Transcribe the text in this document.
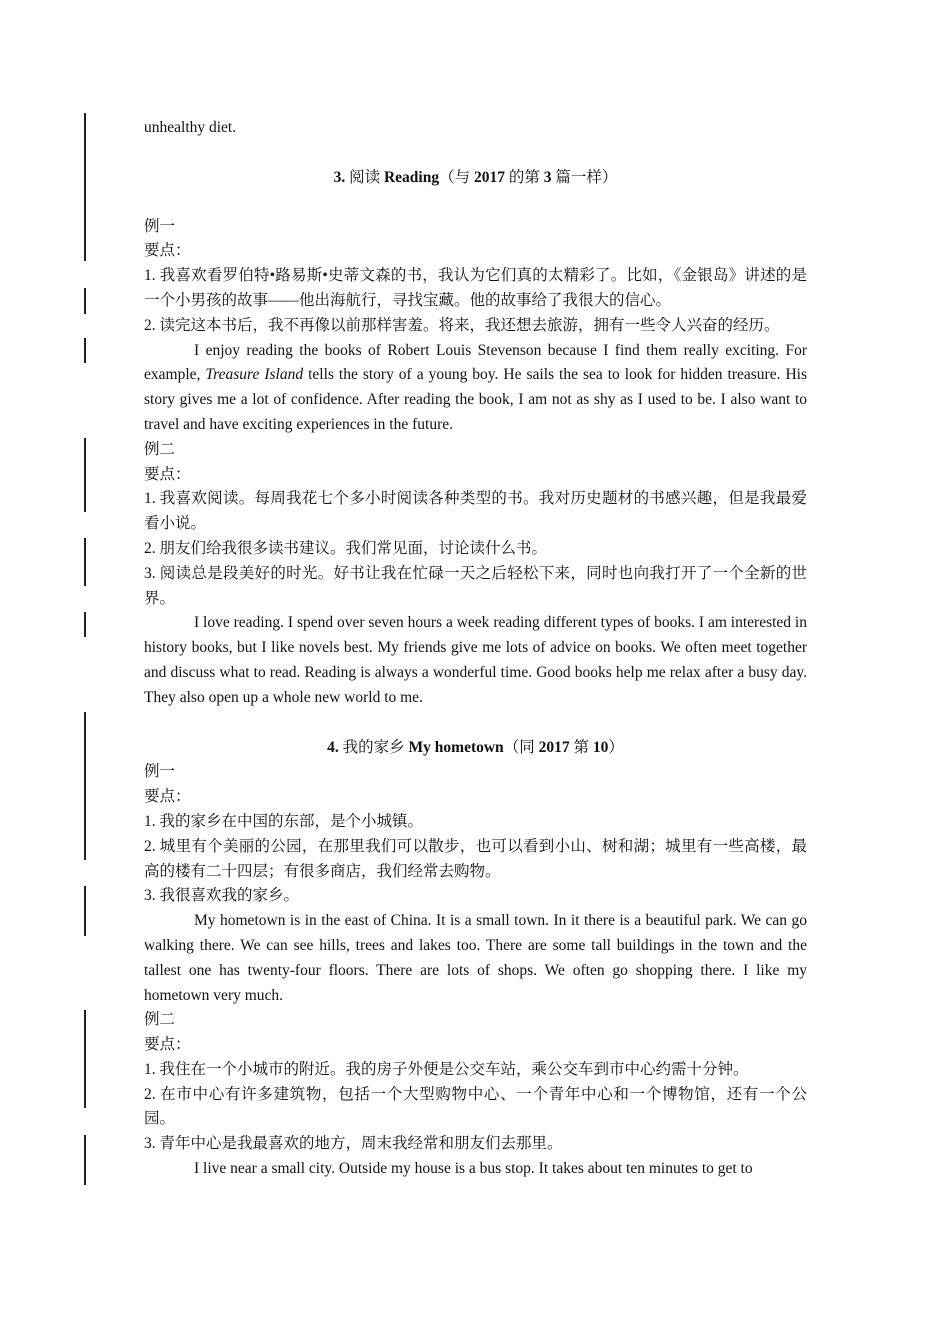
unhealthy diet.
3. 阅读 Reading（与 2017 的第 3 篇一样）
例一
要点：
1. 我喜欢看罗伯特•路易斯•史蒂文森的书，我认为它们真的太精彩了。比如，《金银岛》讲述的是一个小男孩的故事——他出海航行，寻找宝藏。他的故事给了我很大的信心。
2. 读完这本书后，我不再像以前那样害羞。将来，我还想去旅游，拥有一些令人兴奋的经历。
I enjoy reading the books of Robert Louis Stevenson because I find them really exciting. For example, Treasure Island tells the story of a young boy. He sails the sea to look for hidden treasure. His story gives me a lot of confidence. After reading the book, I am not as shy as I used to be. I also want to travel and have exciting experiences in the future.
例二
要点：
1. 我喜欢阅读。每周我花七个多小时阅读各种类型的书。我对历史题材的书感兴趣，但是我最爱看小说。
2. 朋友们给我很多读书建议。我们常见面，讨论读什么书。
3. 阅读总是段美好的时光。好书让我在忙碌一天之后轻松下来，同时也向我打开了一个全新的世界。
I love reading. I spend over seven hours a week reading different types of books. I am interested in history books, but I like novels best. My friends give me lots of advice on books. We often meet together and discuss what to read. Reading is always a wonderful time. Good books help me relax after a busy day. They also open up a whole new world to me.
4. 我的家乡 My hometown（同 2017 第 10）
例一
要点：
1. 我的家乡在中国的东部，是个小城镇。
2. 城里有个美丽的公园，在那里我们可以散步，也可以看到小山、树和湖；城里有一些高楼，最高的楼有二十四层；有很多商店，我们经常去购物。
3. 我很喜欢我的家乡。
My hometown is in the east of China. It is a small town. In it there is a beautiful park. We can go walking there. We can see hills, trees and lakes too. There are some tall buildings in the town and the tallest one has twenty-four floors. There are lots of shops. We often go shopping there. I like my hometown very much.
例二
要点：
1. 我住在一个小城市的附近。我的房子外便是公交车站，乘公交车到市中心约需十分钟。
2. 在市中心有许多建筑物，包括一个大型购物中心、一个青年中心和一个博物馆，还有一个公园。
3. 青年中心是我最喜欢的地方，周末我经常和朋友们去那里。
I live near a small city. Outside my house is a bus stop. It takes about ten minutes to get to
